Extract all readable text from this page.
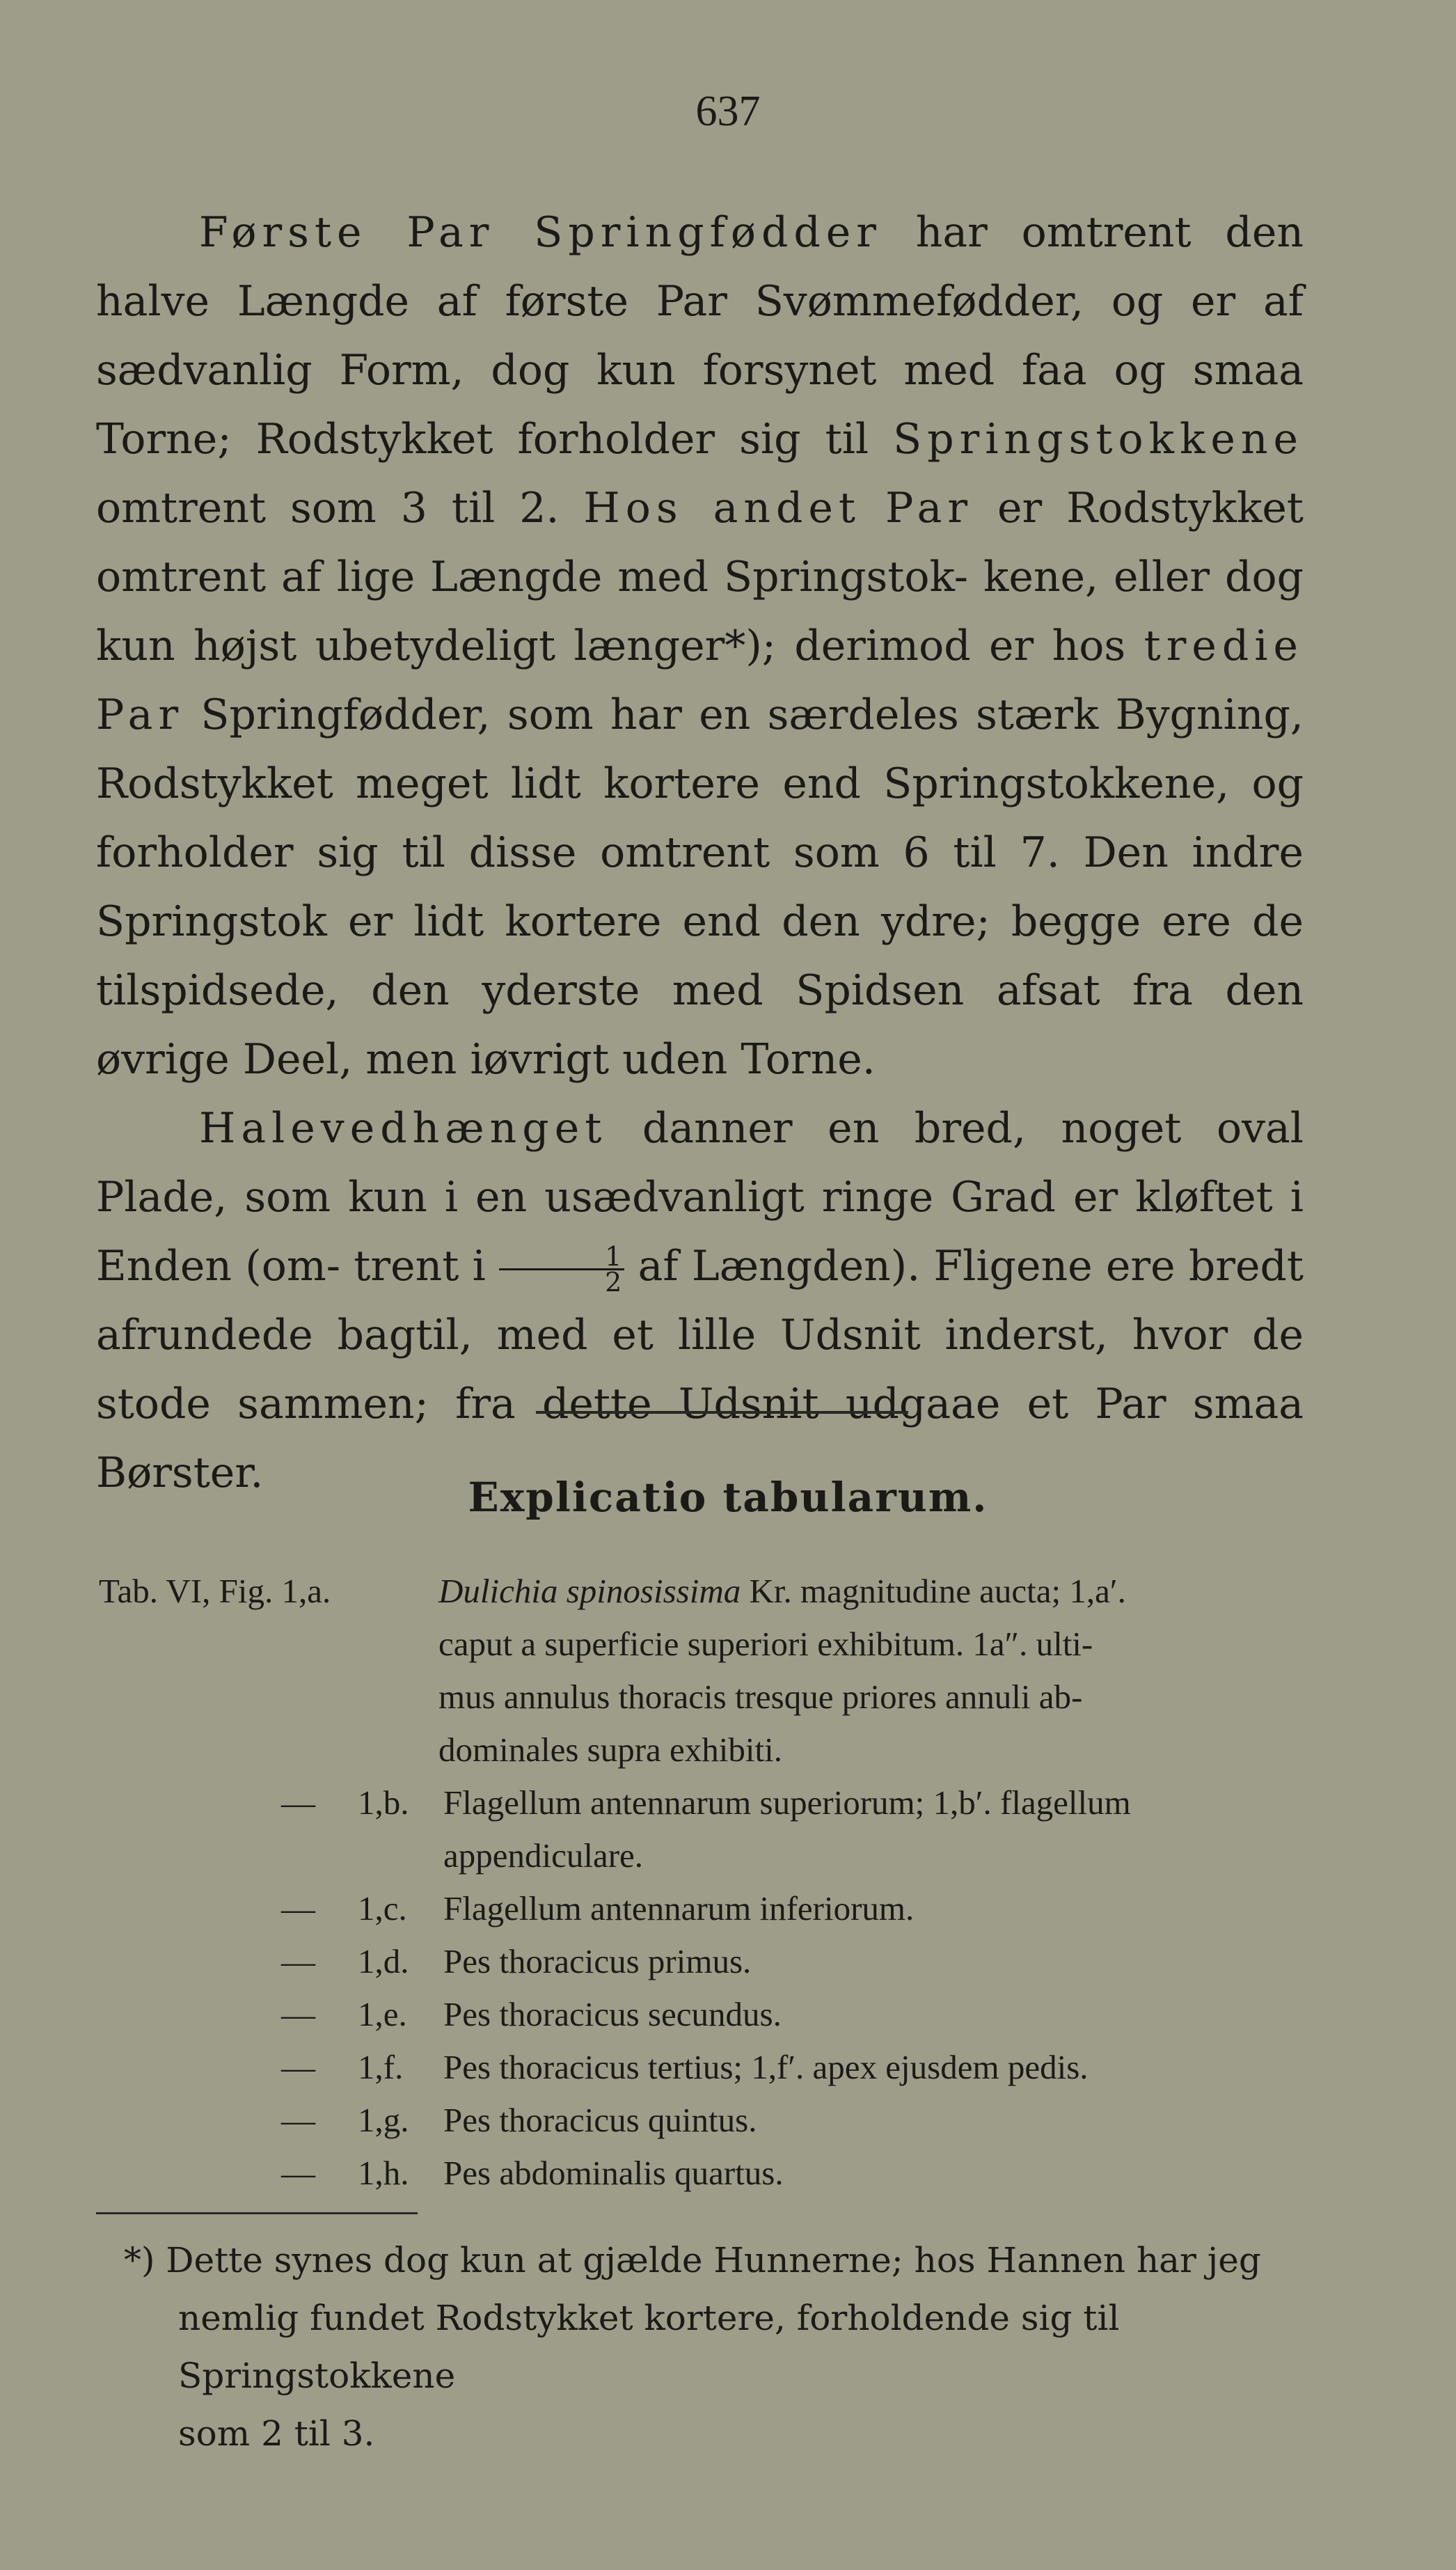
637

Første Par Springfødder har omtrent den halve Længde af første Par Svømmefødder, og er af sædvanlig Form, dog kun forsynet med faa og smaa Torne; Rodstykket forholder sig til Springstokkene omtrent som 3 til 2. Hos andet Par er Rodstykket omtrent af lige Længde med Springstok- kene, eller dog kun højst ubetydeligt længer*); derimod er hos tredie Par Springfødder, som har en særdeles stærk Bygning, Rodstykket meget lidt kortere end Springstokkene, og forholder sig til disse omtrent som 6 til 7. Den indre Springstok er lidt kortere end den ydre; begge ere de tilspidsede, den yderste med Spidsen afsat fra den øvrige Deel, men iøvrigt uden Torne.

Halevedhænget danner en bred, noget oval Plade, som kun i en usædvanligt ringe Grad er kløftet i Enden (om- trent i $\frac{1}{2}$ af Længden). Fligene ere bredt afrundede bagtil, med et lille Udsnit inderst, hvor de stode sammen; fra dette Udsnit udgaae et Par smaa Børster.	Explicatio tabularum.
Tab. VI, Fig. 1,a.	Dulichia spinosissima Kr. magnitudine aucta; 1,a′.
caput a superficie superiori exhibitum. 1a″. ulti-
mus annulus thoracis tresque priores annuli ab-
dominales supra exhibiti.
— 1,b. Flagellum antennarum superiorum; 1,b′. flagellum
appendiculare.
— 1,c. Flagellum antennarum inferiorum.
— 1,d. Pes thoracicus primus.
— 1,e. Pes thoracicus secundus.
— 1,f. Pes thoracicus tertius; 1,f′. apex ejusdem pedis.
— 1,g. Pes thoracicus quintus.
— 1,h. Pes abdominalis quartus.
*) Dette synes dog kun at gjælde Hunnerne; hos Hannen har jeg
nemlig fundet Rodstykket kortere, forholdende sig til Springstokkene
som 2 til 3.
